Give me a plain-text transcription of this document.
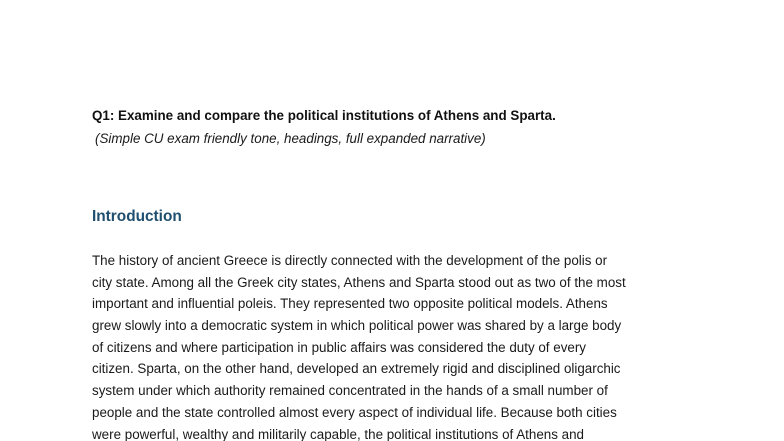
Q1: Examine and compare the political institutions of Athens and Sparta.
(Simple CU exam friendly tone, headings, full expanded narrative)
Introduction
The history of ancient Greece is directly connected with the development of the polis or
city state. Among all the Greek city states, Athens and Sparta stood out as two of the most
important and influential poleis. They represented two opposite political models. Athens
grew slowly into a democratic system in which political power was shared by a large body
of citizens and where participation in public affairs was considered the duty of every
citizen. Sparta, on the other hand, developed an extremely rigid and disciplined oligarchic
system under which authority remained concentrated in the hands of a small number of
people and the state controlled almost every aspect of individual life. Because both cities
were powerful, wealthy and militarily capable, the political institutions of Athens and
